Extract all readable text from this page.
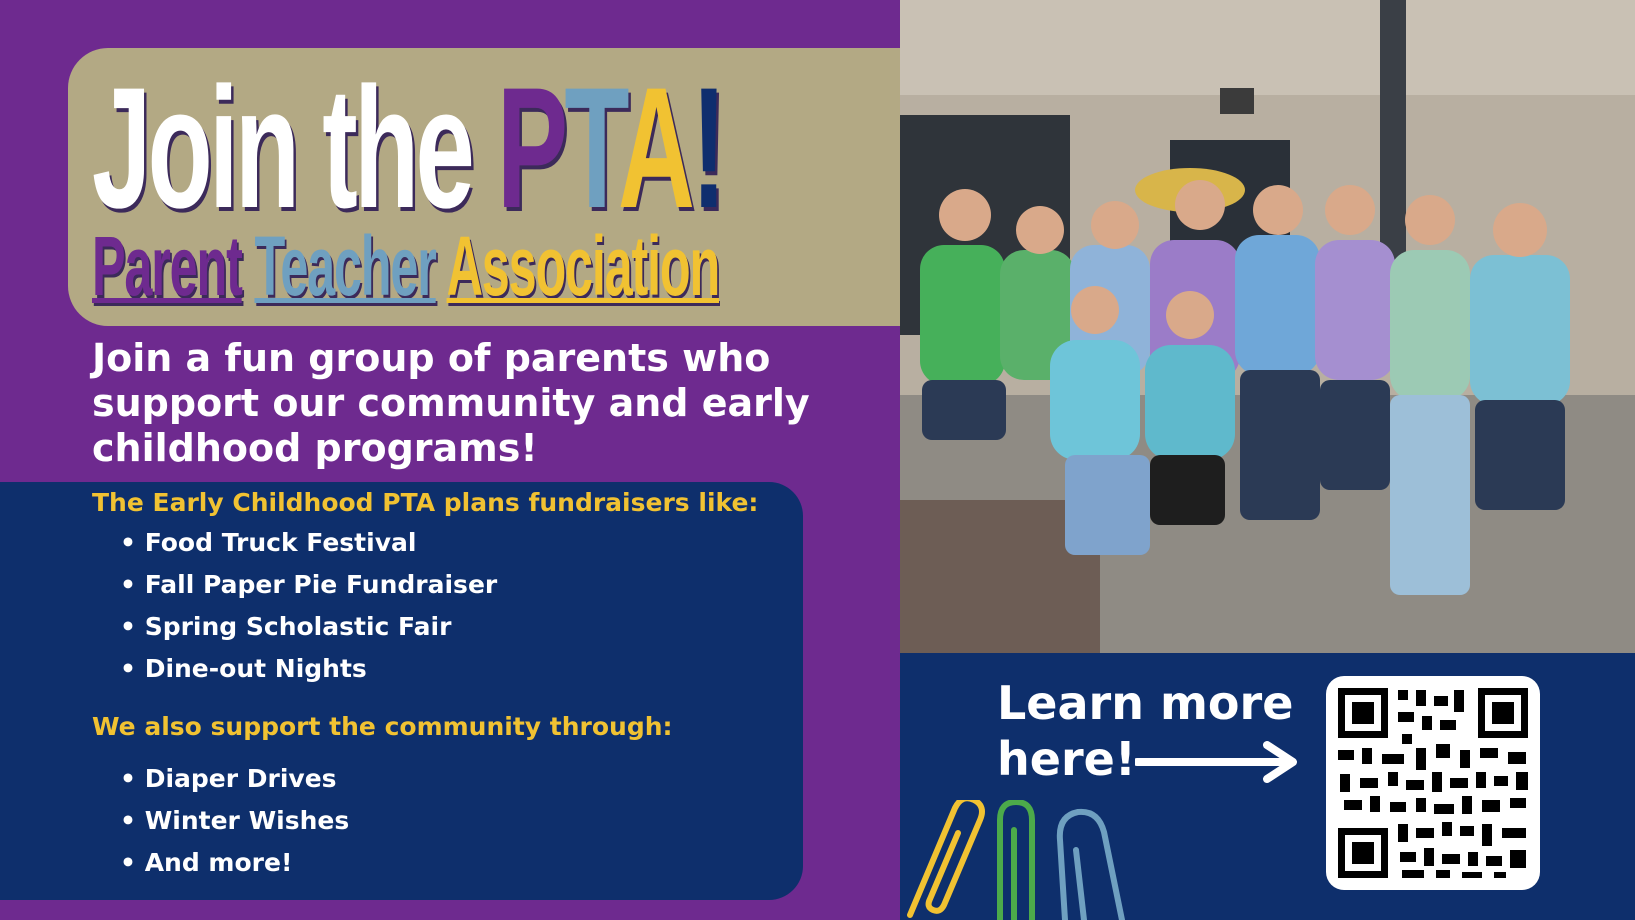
Join the PTA!
Parent Teacher Association

Join a fun group of parents who support our community and early childhood programs!

The Early Childhood PTA plans fundraisers like:

• Food Truck Festival
• Fall Paper Pie Fundraiser
• Spring Scholastic Fair
• Dine-out Nights

We also support the community through:

• Diaper Drives
• Winter Wishes
• And more!
Learn more
here!
